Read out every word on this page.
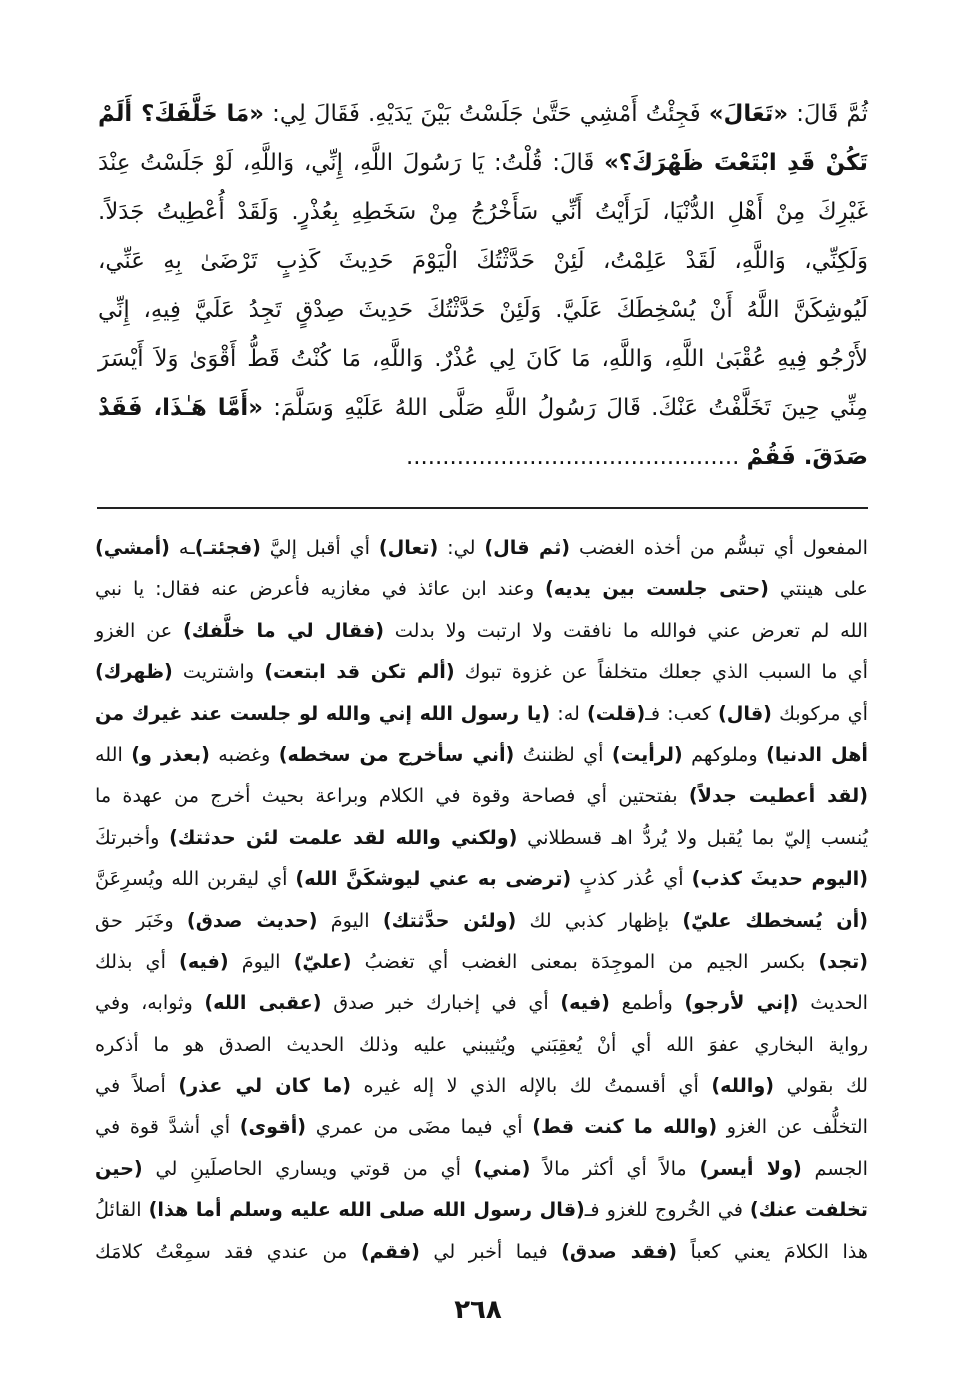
ثُمَّ قَالَ: «تَعَالَ» فَجِئْتُ أَمْشِي حَتَّىٰ جَلَسْتُ بَيْنَ يَدَيْهِ. فَقَالَ لِي: «مَا خَلَّفَكَ؟ أَلَمْ
تَكُنْ قَدِ ابْتَعْتَ ظَهْرَكَ؟» قَالَ: قُلْتُ: يَا رَسُولَ اللَّهِ، إِنِّي، وَاللَّهِ، لَوْ جَلَسْتُ عِنْدَ
غَيْرِكَ مِنْ أَهْلِ الدُّنْيَا، لَرَأَيْتُ أَنِّي سَأَخْرُجُ مِنْ سَخَطِهِ بِعُذْرٍ. وَلَقَدْ أُعْطِيتُ جَدَلاً.
وَلَكِنِّي، وَاللَّهِ، لَقَدْ عَلِمْتُ، لَئِنْ حَدَّثْتُكَ الْيَوْمَ حَدِيثَ كَذِبٍ تَرْضَىٰ بِهِ عَنِّي،
لَيُوشِكَنَّ اللَّهُ أَنْ يُسْخِطَكَ عَلَيَّ. وَلَئِنْ حَدَّثْتُكَ حَدِيثَ صِدْقٍ تَجِدُ عَلَيَّ فِيهِ، إِنِّي
لأَرْجُو فِيهِ عُقْبَىٰ اللَّهِ، وَاللَّهِ، مَا كَانَ لِي عُذْرٌ. وَاللَّهِ، مَا كُنْتُ قَطُّ أَقْوَىٰ وَلاَ أَيْسَرَ
مِنِّي حِينَ تَخَلَّفْتُ عَنْكَ. قَالَ رَسُولُ اللَّهِ صَلَّى اللهُ عَلَيْهِ وَسَلَّمَ: «أَمَّا هَـٰذَا، فَقَدْ
صَدَقَ. فَقُمْ ..............................................
المفعول أي تبسُّم من أخذه الغضب (ثم قال) لي: (تعال) أي أقبل إليَّ (فجئتـ)ـه (أمشي)
على هينتي (حتى جلست بين يديه) وعند ابن عائذ في مغازيه فأعرض عنه فقال: يا نبي
الله لم تعرض عني فوالله ما نافقت ولا ارتبت ولا بدلت (فقال لي ما خلَّفك) عن الغزو
أي ما السبب الذي جعلك متخلفاً عن غزوة تبوك (ألم تكن قد ابتعت) واشتريت (ظهرك)
أي مركوبك (قال) كعب: فـ(قلت) له: (يا رسول الله إني والله لو جلست عند غيرك من
أهل الدنيا) وملوكهم (لرأيت) أي لظننتُ (أني سأخرج من سخطه) وغضبه (بعذر و) الله
(لقد أعطيت جدلاً) بفتحتين أي فصاحة وقوة في الكلام وبراعة بحيث أخرج من عهدة ما
يُنسب إليّ بما يُقبل ولا يُردُّ اهـ قسطلاني (ولكني والله لقد علمت لئن حدثتك) وأخبرتكَ
(اليوم حديثَ كذب) أي عُذر كذبٍ (ترضى به عني ليوشكَنَّ الله) أي ليقربن الله ويُسرِعَنَّ
(أن يُسخطك عليّ) بإظهار كذبي لك (ولئن حدَّثتك) اليومَ (حديث صدق) وخَبَر حق
(تجد) بكسر الجيم من الموجِدَة بمعنى الغضب أي تغضبُ (عليّ) اليومَ (فيه) أي بذلك
الحديث (إني لأرجو) وأطمع (فيه) أي في إخبارك خبر صدق (عقبى الله) وثوابه، وفي
رواية البخاري عفوَ الله أي أنْ يُعقِبَني ويُثيبني عليه وذلك الحديث الصدق هو ما أذكره
لك بقولي (والله) أي أقسمتُ لك بالإله الذي لا إله غيره (ما كان لي عذر) أصلاً في
التخلُّف عن الغزو (والله ما كنت قط) أي فيما مضَى من عمري (أقوى) أي أشدَّ قوة في
الجسم (ولا أيسر) مالاً أي أكثر مالاً (مني) أي من قوتي ويساري الحاصلَينِ لي (حين
تخلفت عنك) في الخُروج للغزو فـ(قال رسول الله صلى الله عليه وسلم أما هذا) القائلُ
هذا الكلامَ يعني كعباً (فقد صدق) فيما أخبر لي (فقم) من عندي فقد سمِعْتُ كلامَك
٢٦٨
